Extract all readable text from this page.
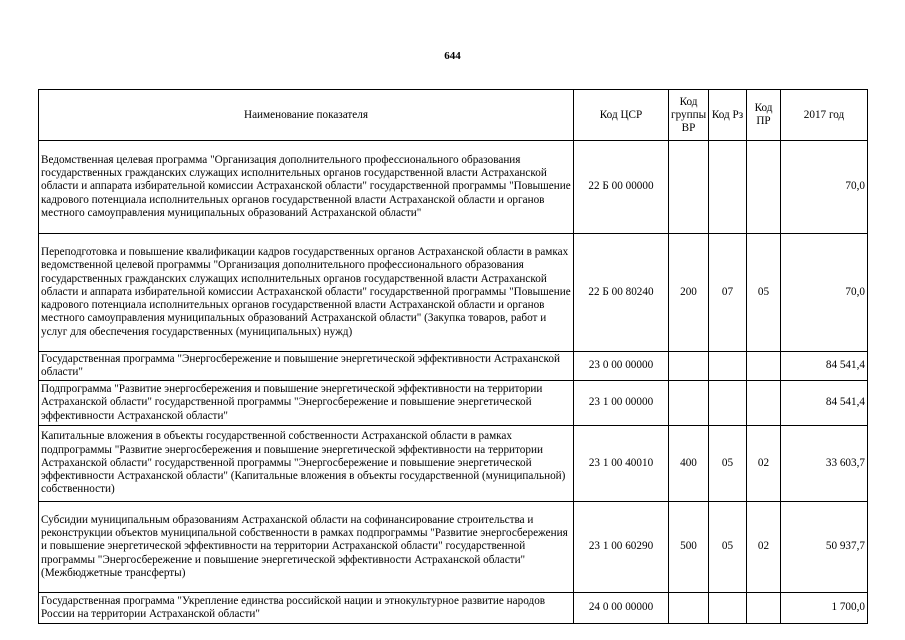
644
Наименование показателя	Код ЦСР	Код группы ВР	Код Рз	Код ПР	2017 год
Ведомственная целевая программа "Организация дополнительного профессионального образования государственных гражданских служащих исполнительных органов государственной власти Астраханской области и аппарата избирательной комиссии Астраханской области" государственной программы "Повышение кадрового потенциала исполнительных органов государственной власти Астраханской области и органов местного самоуправления муниципальных образований Астраханской области"	22 Б 00 00000				70,0
Переподготовка и повышение квалификации кадров государственных органов Астраханской области в рамках ведомственной целевой программы "Организация дополнительного профессионального образования государственных гражданских служащих исполнительных органов государственной власти Астраханской области и аппарата избирательной комиссии Астраханской области" государственной программы "Повышение кадрового потенциала исполнительных органов государственной власти Астраханской области и органов местного самоуправления муниципальных образований Астраханской области" (Закупка товаров, работ и услуг для обеспечения государственных (муниципальных) нужд)	22 Б 00 80240	200	07	05	70,0
Государственная программа "Энергосбережение и повышение энергетической эффективности Астраханской области"	23 0 00 00000				84 541,4
Подпрограмма "Развитие энергосбережения и повышение энергетической эффективности на территории Астраханской области" государственной программы "Энергосбережение и повышение энергетической эффективности Астраханской области"	23 1 00 00000				84 541,4
Капитальные вложения в объекты государственной собственности Астраханской области в рамках подпрограммы "Развитие энергосбережения и повышение энергетической эффективности на территории Астраханской области" государственной программы "Энергосбережение и повышение энергетической эффективности Астраханской области" (Капитальные вложения в объекты государственной (муниципальной) собственности)	23 1 00 40010	400	05	02	33 603,7
Субсидии муниципальным образованиям Астраханской области на софинансирование строительства и реконструкции объектов муниципальной собственности в рамках подпрограммы "Развитие энергосбережения и повышение энергетической эффективности на территории Астраханской области" государственной программы "Энергосбережение и повышение энергетической эффективности Астраханской области" (Межбюджетные трансферты)	23 1 00 60290	500	05	02	50 937,7
Государственная программа "Укрепление единства российской нации и этнокультурное развитие народов России на территории Астраханской области"	24 0 00 00000				1 700,0
